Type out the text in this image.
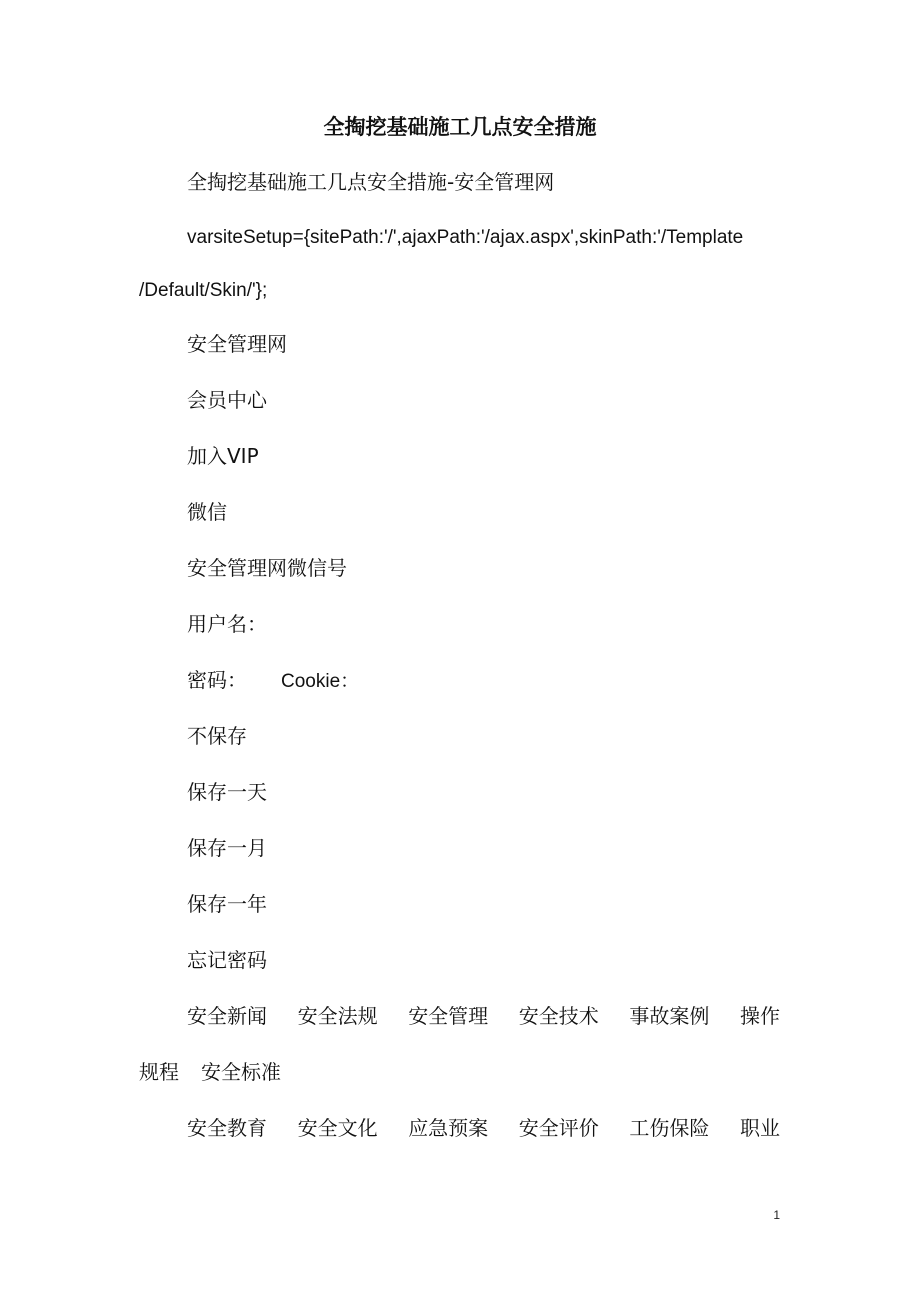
全掏挖基础施工几点安全措施

全掏挖基础施工几点安全措施-安全管理网

varsiteSetup={sitePath:'/',ajaxPath:'/ajax.aspx',skinPath:'/Template

/Default/Skin/'};

安全管理网

会员中心

加入VIP

微信

安全管理网微信号

用户名：

密码： Cookie：

不保存

保存一天

保存一月

保存一年

忘记密码

安全新闻 安全法规 安全管理 安全技术 事故案例 操作
规程 安全标准
安全教育 安全文化 应急预案 安全评价 工伤保险 职业
1
